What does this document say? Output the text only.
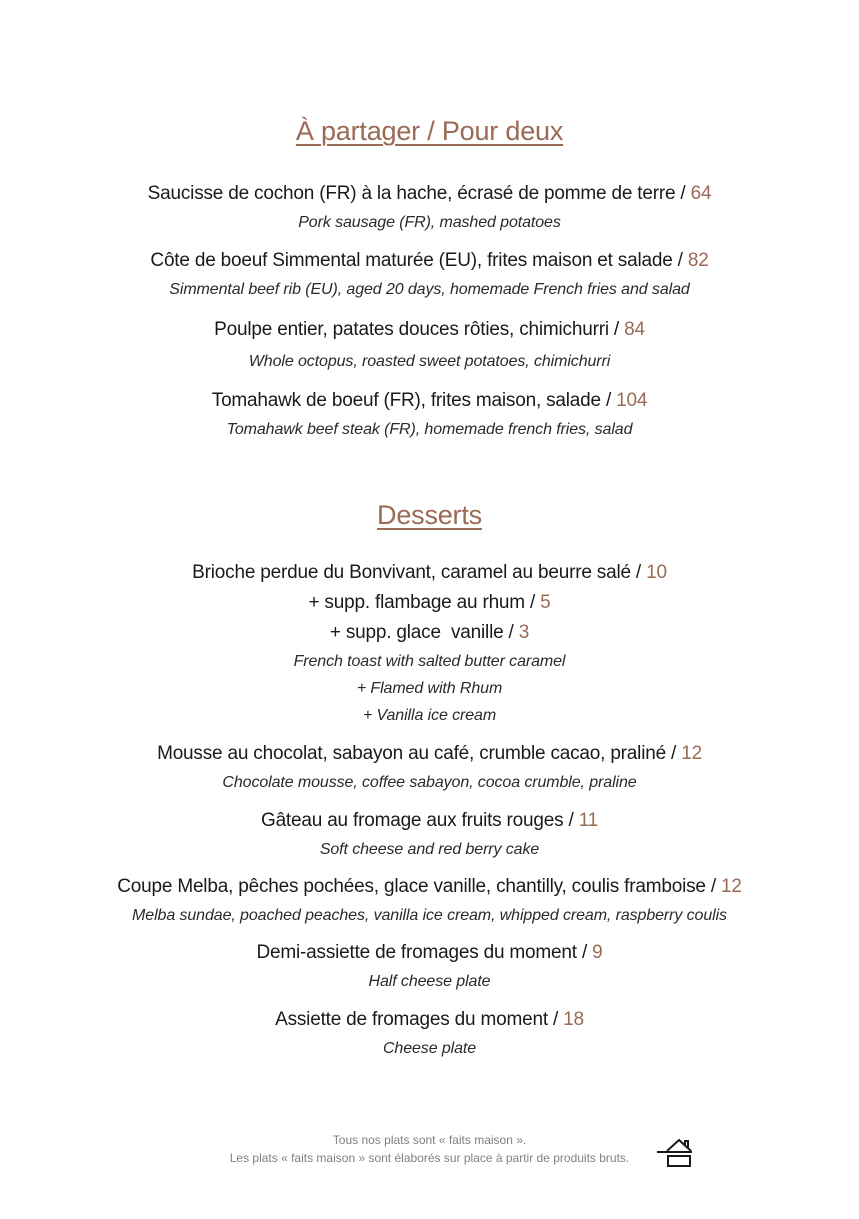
À partager / Pour deux
Saucisse de cochon (FR) à la hache, écrasé de pomme de terre / 64
Pork sausage (FR), mashed potatoes
Côte de boeuf Simmental maturée (EU), frites maison et salade / 82
Simmental beef rib (EU), aged 20 days, homemade French fries and salad
Poulpe entier, patates douces rôties, chimichurri / 84
Whole octopus, roasted sweet potatoes, chimichurri
Tomahawk de boeuf (FR), frites maison, salade / 104
Tomahawk beef steak (FR), homemade french fries, salad
Desserts
Brioche perdue du Bonvivant, caramel au beurre salé / 10
+ supp. flambage au rhum / 5
+ supp. glace  vanille / 3
French toast with salted butter caramel
+ Flamed with Rhum
+ Vanilla ice cream
Mousse au chocolat, sabayon au café, crumble cacao, praliné / 12
Chocolate mousse, coffee sabayon, cocoa crumble, praline
Gâteau au fromage aux fruits rouges / 11
Soft cheese and red berry cake
Coupe Melba, pêches pochées, glace vanille, chantilly, coulis framboise / 12
Melba sundae, poached peaches, vanilla ice cream, whipped cream, raspberry coulis
Demi-assiette de fromages du moment / 9
Half cheese plate
Assiette de fromages du moment / 18
Cheese plate
Tous nos plats sont « faits maison ».
Les plats « faits maison » sont élaborés sur place à partir de produits bruts.
